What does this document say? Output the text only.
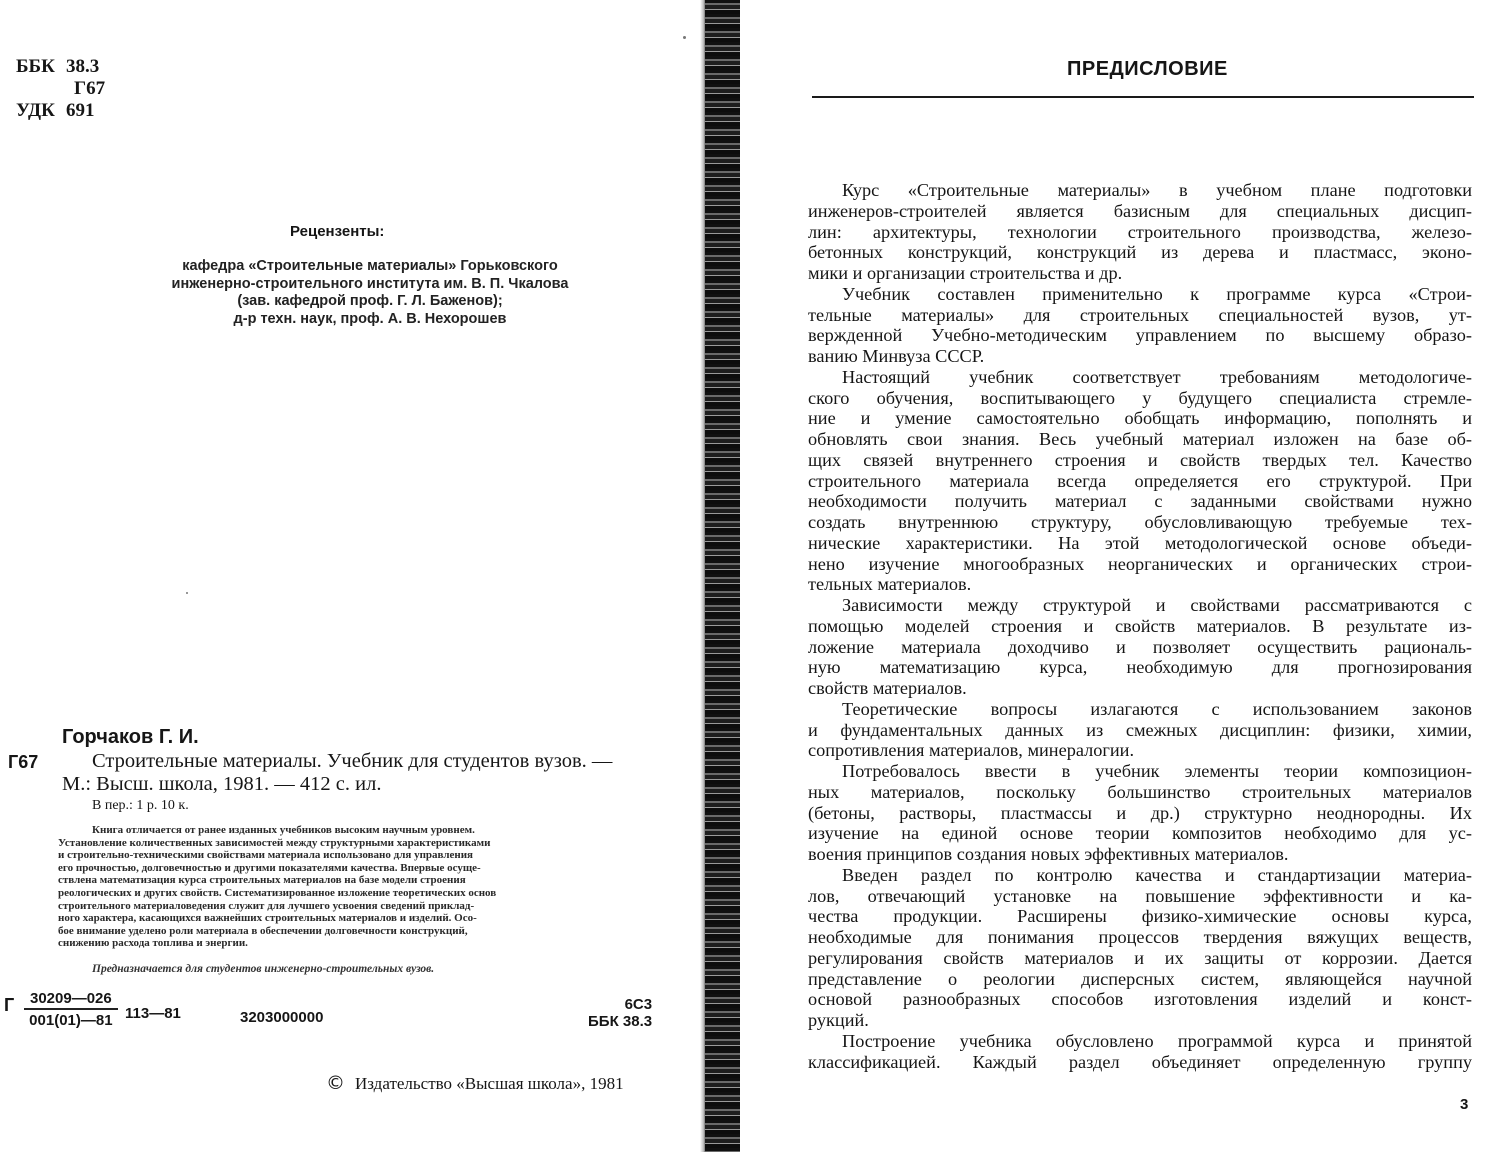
ББК 38.3
Г67
УДК 691
Рецензенты:
кафедра «Строительные материалы» Горьковского
инженерно-строительного института им. В. П. Чкалова
(зав. кафедрой проф. Г. Л. Баженов);
д-р техн. наук, проф. А. В. Нехорошев
Горчаков Г. И.
Г67	Строительные материалы. Учебник для студентов вузов. —
М.: Высш. школа, 1981. — 412 с. ил.
В пер.: 1 р. 10 к.
Книга отличается от ранее изданных учебников высоким научным уровнем.
Установление количественных зависимостей между структурными характеристиками
и строительно-техническими свойствами материала использовано для управления
его прочностью, долговечностью и другими показателями качества. Впервые осуще-
ствлена математизация курса строительных материалов на базе модели строения
реологических и других свойств. Систематизированное изложение теоретических основ
строительного материаловедения служит для лучшего усвоения сведений приклад-
ного характера, касающихся важнейших строительных материалов и изделий. Осо-
бое внимание уделено роли материала в обеспечении долговечности конструкций,
снижению расхода топлива и энергии.
Предназначается для студентов инженерно-строительных вузов.
Г $\frac{30209—026}{001(01)—81}$ 113—81	3203000000
6С3
ББК 38.3
© Издательство «Высшая школа», 1981
ПРЕДИСЛОВИЕ
Курс «Строительные материалы» в учебном плане подготовки
инженеров-строителей является базисным для специальных дисцип-
лин: архитектуры, технологии строительного производства, железо-
бетонных конструкций, конструкций из дерева и пластмасс, эконо-
мики и организации строительства и др.
Учебник составлен применительно к программе курса «Строи-
тельные материалы» для строительных специальностей вузов, ут-
вержденной Учебно-методическим управлением по высшему образо-
ванию Минвуза СССР.
Настоящий учебник соответствует требованиям методологиче-
ского обучения, воспитывающего у будущего специалиста стремле-
ние и умение самостоятельно обобщать информацию, пополнять и
обновлять свои знания. Весь учебный материал изложен на базе об-
щих связей внутреннего строения и свойств твердых тел. Качество
строительного материала всегда определяется его структурой. При
необходимости получить материал с заданными свойствами нужно
создать внутреннюю структуру, обусловливающую требуемые тех-
нические характеристики. На этой методологической основе объеди-
нено изучение многообразных неорганических и органических строи-
тельных материалов.
Зависимости между структурой и свойствами рассматриваются с
помощью моделей строения и свойств материалов. В результате из-
ложение материала доходчиво и позволяет осуществить рациональ-
ную математизацию курса, необходимую для прогнозирования
свойств материалов.
Теоретические вопросы излагаются с использованием законов
и фундаментальных данных из смежных дисциплин: физики, химии,
сопротивления материалов, минералогии.
Потребовалось ввести в учебник элементы теории композицион-
ных материалов, поскольку большинство строительных материалов
(бетоны, растворы, пластмассы и др.) структурно неоднородны. Их
изучение на единой основе теории композитов необходимо для ус-
воения принципов создания новых эффективных материалов.
Введен раздел по контролю качества и стандартизации материа-
лов, отвечающий установке на повышение эффективности и ка-
чества продукции. Расширены физико-химические основы курса,
необходимые для понимания процессов твердения вяжущих веществ,
регулирования свойств материалов и их защиты от коррозии. Дается
представление о реологии дисперсных систем, являющейся научной
основой разнообразных способов изготовления изделий и конст-
рукций.
Построение учебника обусловлено программой курса и принятой
классификацией. Каждый раздел объединяет определенную группу
3
